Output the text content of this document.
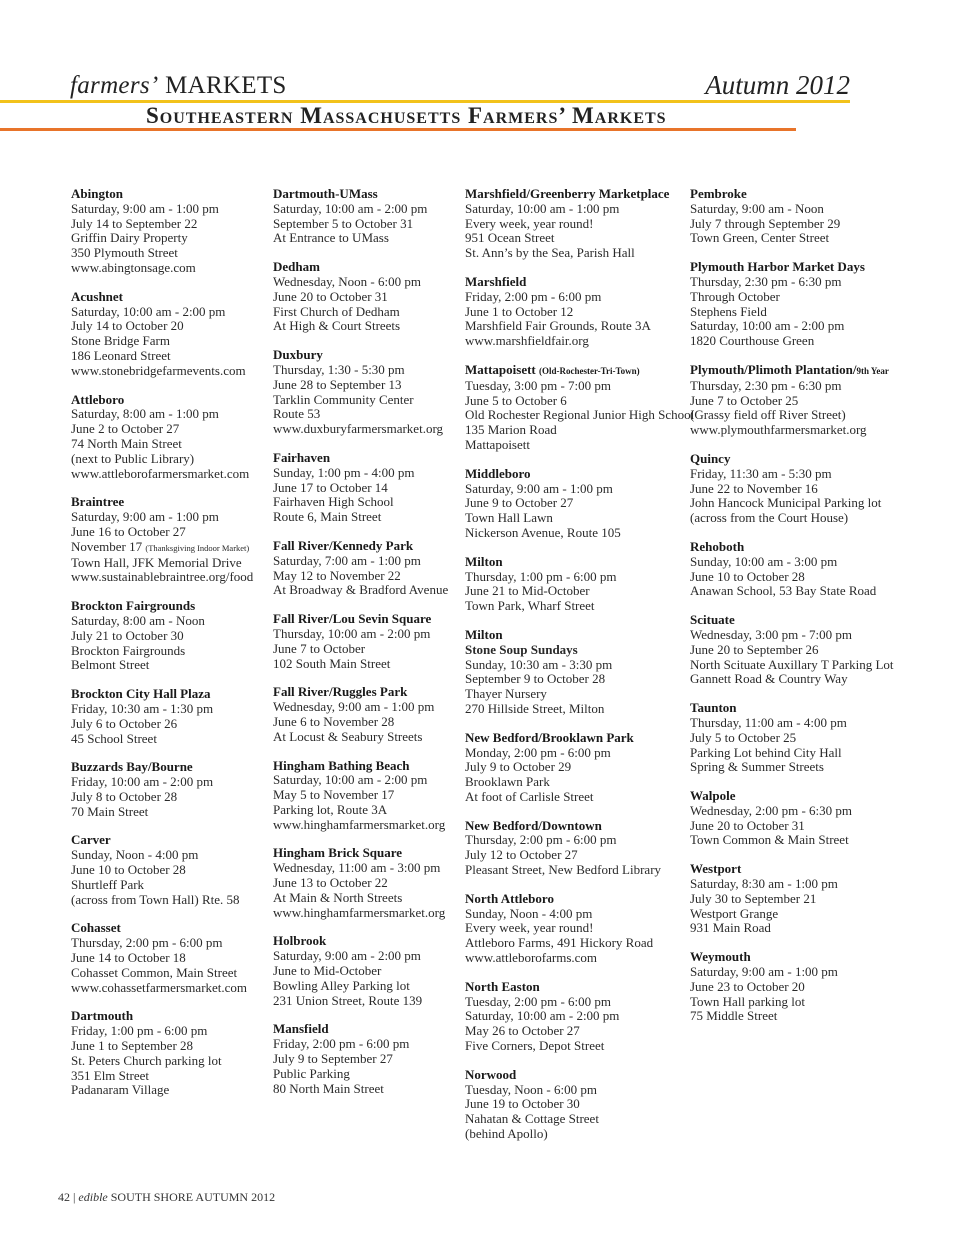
farmers’ MARKETS	Autumn 2012
Southeastern Massachusetts Farmers’ Markets
Abington
Saturday, 9:00 am - 1:00 pm
July 14 to September 22
Griffin Dairy Property
350 Plymouth Street
www.abingtonsage.com
Acushnet
Saturday, 10:00 am - 2:00 pm
July 14 to October 20
Stone Bridge Farm
186 Leonard Street
www.stonebridgefarmevents.com
Attleboro
Saturday, 8:00 am - 1:00 pm
June 2 to October 27
74 North Main Street
(next to Public Library)
www.attleborofarmersmarket.com
Braintree
Saturday, 9:00 am - 1:00 pm
June 16 to October 27
November 17 (Thanksgiving Indoor Market)
Town Hall, JFK Memorial Drive
www.sustainablebraintree.org/food
Brockton Fairgrounds
Saturday, 8:00 am - Noon
July 21 to October 30
Brockton Fairgrounds
Belmont Street
Brockton City Hall Plaza
Friday, 10:30 am - 1:30 pm
July 6 to October 26
45 School Street
Buzzards Bay/Bourne
Friday, 10:00 am - 2:00 pm
July 8 to October 28
70 Main Street
Carver
Sunday, Noon - 4:00 pm
June 10 to October 28
Shurtleff Park
(across from Town Hall) Rte. 58
Cohasset
Thursday, 2:00 pm - 6:00 pm
June 14 to October 18
Cohasset Common, Main Street
www.cohassetfarmersmarket.com
Dartmouth
Friday, 1:00 pm - 6:00 pm
June 1 to September 28
St. Peters Church parking lot
351 Elm Street
Padanaram Village
Dartmouth-UMass
Saturday, 10:00 am - 2:00 pm
September 5 to October 31
At Entrance to UMass
Dedham
Wednesday, Noon - 6:00 pm
June 20 to October 31
First Church of Dedham
At High & Court Streets
Duxbury
Thursday, 1:30 - 5:30 pm
June 28 to September 13
Tarklin Community Center
Route 53
www.duxburyfarmersmarket.org
Fairhaven
Sunday, 1:00 pm - 4:00 pm
June 17 to October 14
Fairhaven High School
Route 6, Main Street
Fall River/Kennedy Park
Saturday, 7:00 am - 1:00 pm
May 12 to November 22
At Broadway & Bradford Avenue
Fall River/Lou Sevin Square
Thursday, 10:00 am - 2:00 pm
June 7 to October
102 South Main Street
Fall River/Ruggles Park
Wednesday, 9:00 am - 1:00 pm
June 6 to November 28
At Locust & Seabury Streets
Hingham Bathing Beach
Saturday, 10:00 am - 2:00 pm
May 5 to November 17
Parking lot, Route 3A
www.hinghamfarmersmarket.org
Hingham Brick Square
Wednesday, 11:00 am - 3:00 pm
June 13 to October 22
At Main & North Streets
www.hinghamfarmersmarket.org
Holbrook
Saturday, 9:00 am - 2:00 pm
June to Mid-October
Bowling Alley Parking lot
231 Union Street, Route 139
Mansfield
Friday, 2:00 pm - 6:00 pm
July 9 to September 27
Public Parking
80 North Main Street
Marshfield/Greenberry Marketplace
Saturday, 10:00 am - 1:00 pm
Every week, year round!
951 Ocean Street
St. Ann’s by the Sea, Parish Hall
Marshfield
Friday, 2:00 pm - 6:00 pm
June 1 to October 12
Marshfield Fair Grounds, Route 3A
www.marshfieldfair.org
Mattapoisett (Old-Rochester-Tri-Town)
Tuesday, 3:00 pm - 7:00 pm
June 5 to October 6
Old Rochester Regional Junior High School
135 Marion Road
Mattapoisett
Middleboro
Saturday, 9:00 am - 1:00 pm
June 9 to October 27
Town Hall Lawn
Nickerson Avenue, Route 105
Milton
Thursday, 1:00 pm - 6:00 pm
June 21 to Mid-October
Town Park, Wharf Street
Milton
Stone Soup Sundays
Sunday, 10:30 am - 3:30 pm
September 9 to October 28
Thayer Nursery
270 Hillside Street, Milton
New Bedford/Brooklawn Park
Monday, 2:00 pm - 6:00 pm
July 9 to October 29
Brooklawn Park
At foot of Carlisle Street
New Bedford/Downtown
Thursday, 2:00 pm - 6:00 pm
July 12 to October 27
Pleasant Street, New Bedford Library
North Attleboro
Sunday, Noon - 4:00 pm
Every week, year round!
Attleboro Farms, 491 Hickory Road
www.attleborofarms.com
North Easton
Tuesday, 2:00 pm - 6:00 pm
Saturday, 10:00 am - 2:00 pm
May 26 to October 27
Five Corners, Depot Street
Norwood
Tuesday, Noon - 6:00 pm
June 19 to October 30
Nahatan & Cottage Street
(behind Apollo)
Pembroke
Saturday, 9:00 am - Noon
July 7 through September 29
Town Green, Center Street
Plymouth Harbor Market Days
Thursday, 2:30 pm - 6:30 pm
Through October
Stephens Field
Saturday, 10:00 am - 2:00 pm
1820 Courthouse Green
Plymouth/Plimoth Plantation/9th Year
Thursday, 2:30 pm - 6:30 pm
June 7 to October 25
(Grassy field off River Street)
www.plymouthfarmersmarket.org
Quincy
Friday, 11:30 am - 5:30 pm
June 22 to November 16
John Hancock Municipal Parking lot
(across from the Court House)
Rehoboth
Sunday, 10:00 am - 3:00 pm
June 10 to October 28
Anawan School, 53 Bay State Road
Scituate
Wednesday, 3:00 pm - 7:00 pm
June 20 to September 26
North Scituate Auxillary T Parking Lot
Gannett Road & Country Way
Taunton
Thursday, 11:00 am - 4:00 pm
July 5 to October 25
Parking Lot behind City Hall
Spring & Summer Streets
Walpole
Wednesday, 2:00 pm - 6:30 pm
June 20 to October 31
Town Common & Main Street
Westport
Saturday, 8:30 am - 1:00 pm
July 30 to September 21
Westport Grange
931 Main Road
Weymouth
Saturday, 9:00 am - 1:00 pm
June 23 to October 20
Town Hall parking lot
75 Middle Street
42 | edible SOUTH SHORE AUTUMN 2012
